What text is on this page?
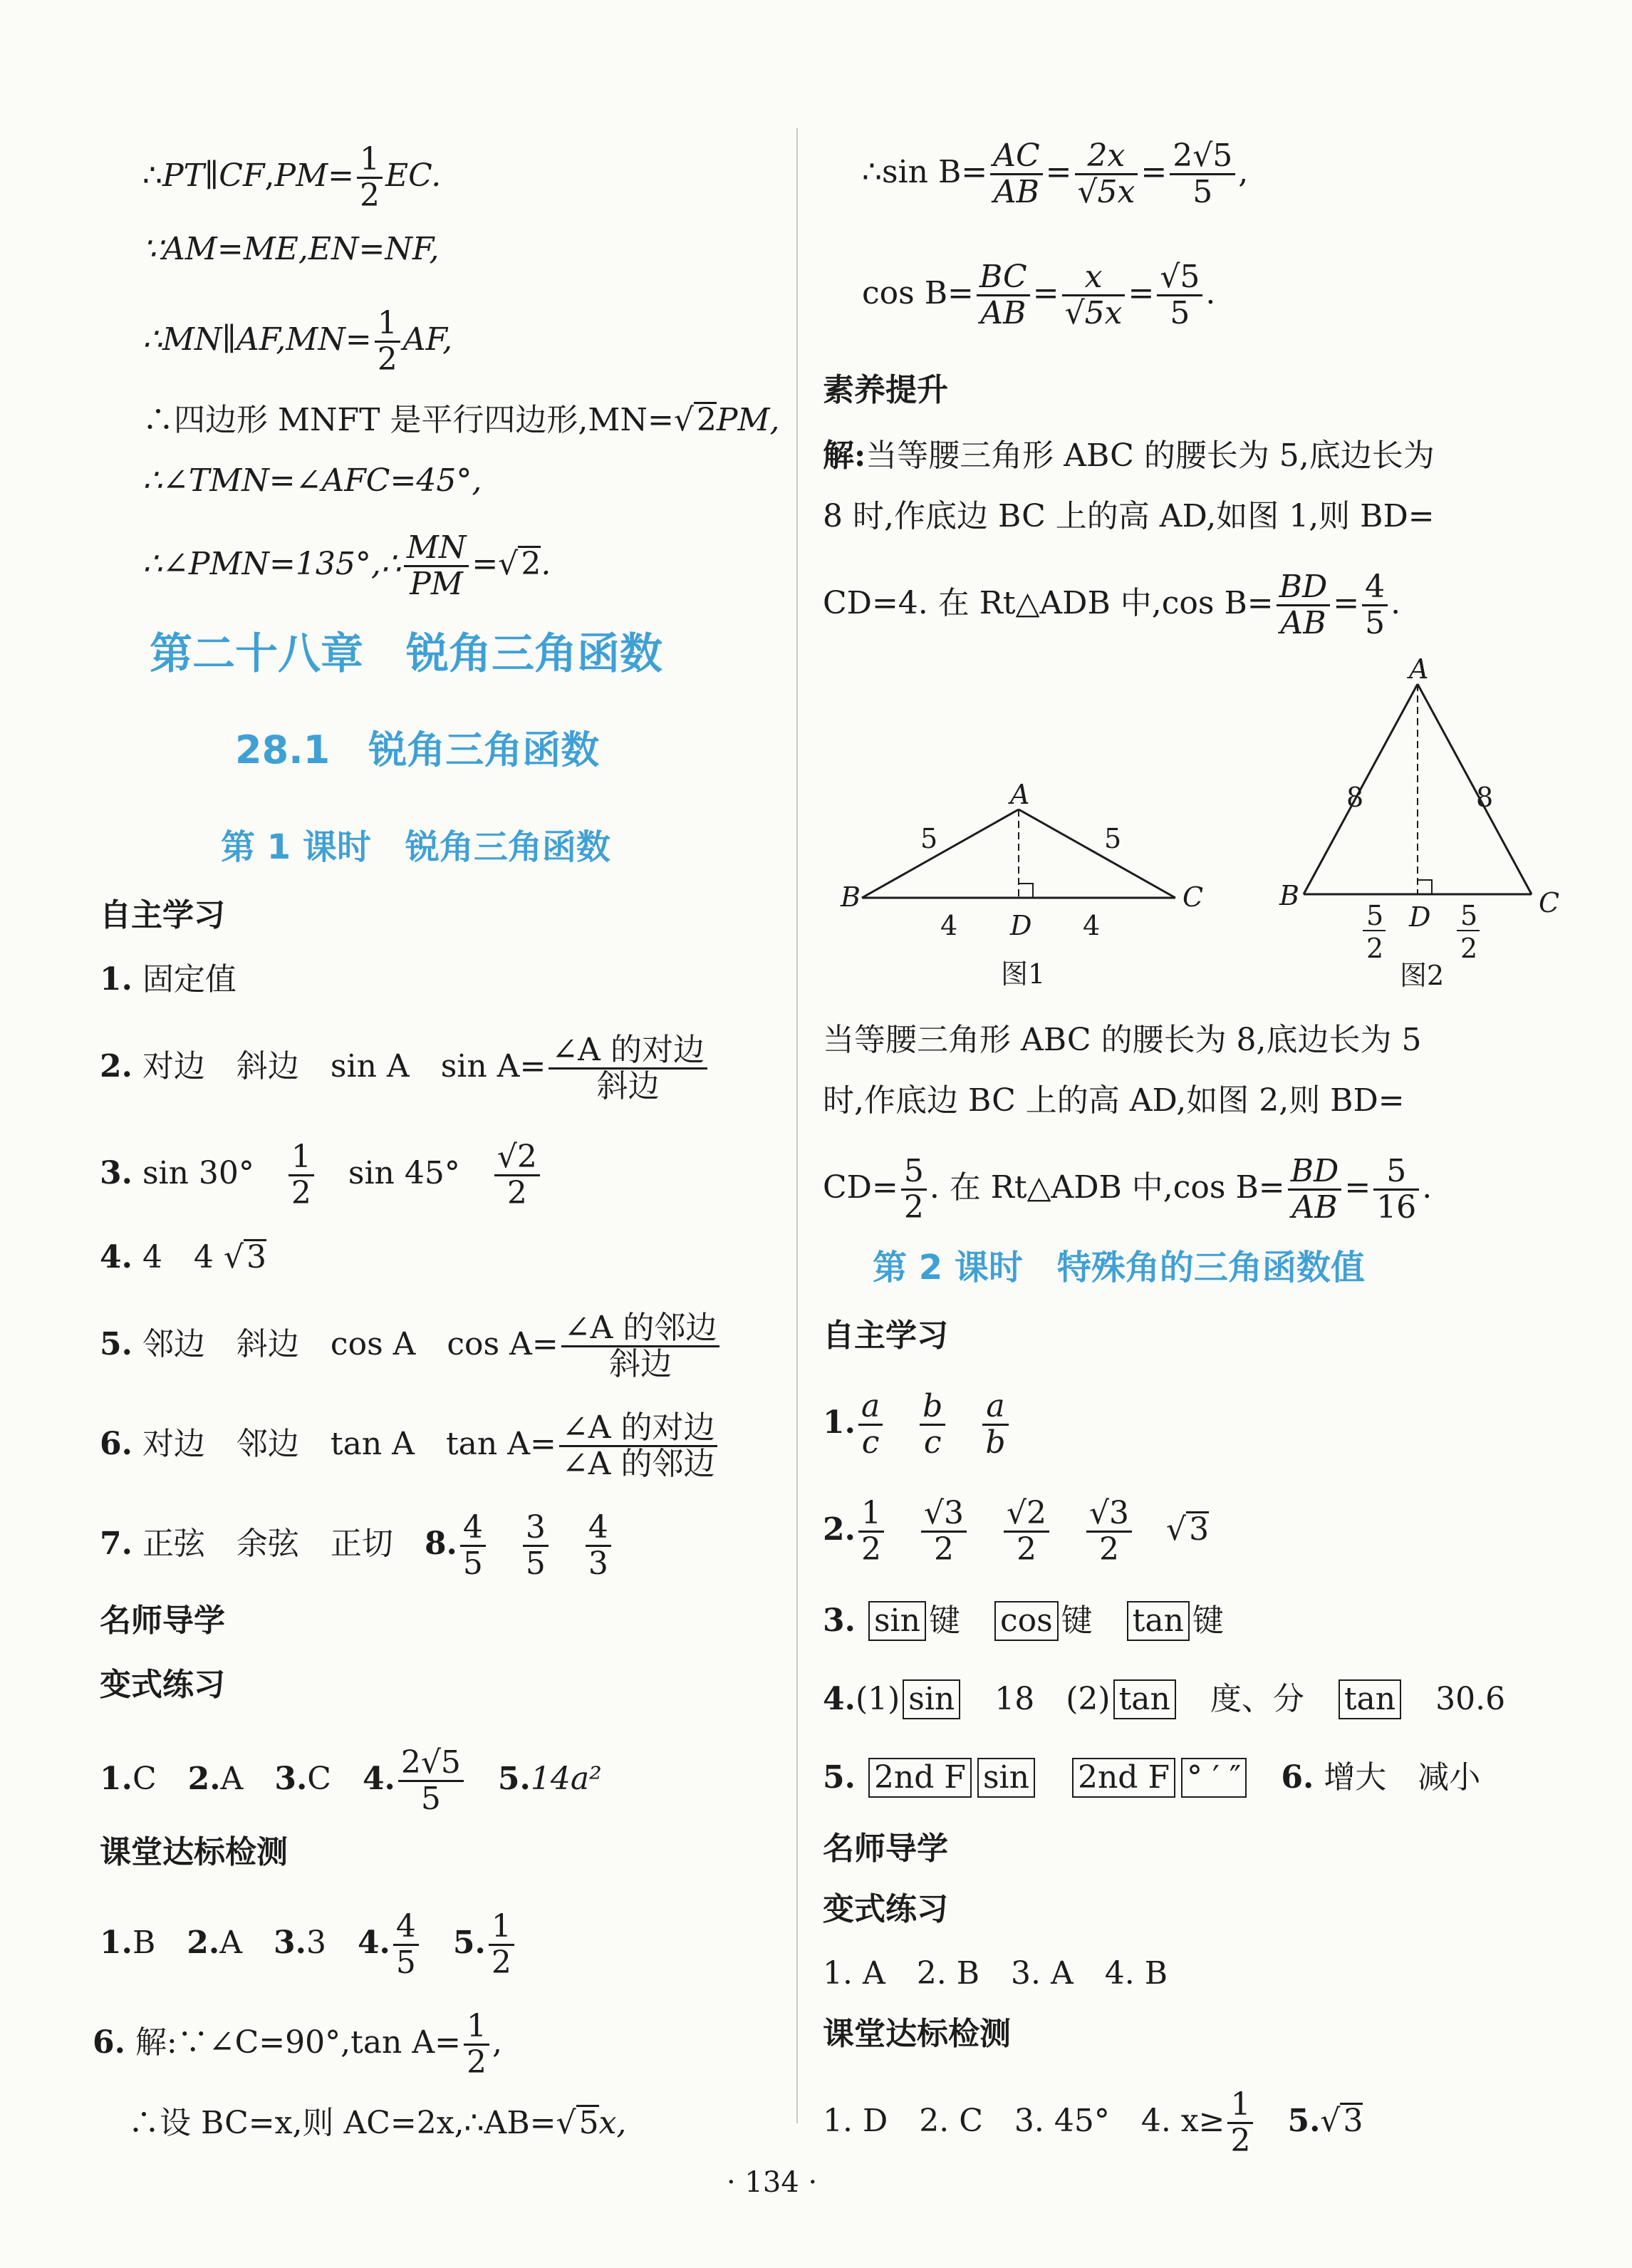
∴PT∥CF,PM= $\frac{1}{2}$ EC.
∵AM=ME,EN=NF,
∴MN∥AF,MN= $\frac{1}{2}$ AF,
∴四边形 MNFT 是平行四边形,MN= √ 2PM,
∴∠TMN=∠AFC=45°,
∴∠PMN=135°,∴ $\frac{MN}{PM}$ = √ 2.
第二十八章　锐角三角函数
28.1　锐角三角函数
第 1 课时　锐角三角函数
自主学习
1. 固定值
2. 对边　斜边　sin A　sin A= ∠A 的对边
斜边
3. sin 30°　 $\frac{1}{2}$
　 sin 45°　 $\frac{√2}{2}$
4. 4　4 √ 3
5. 邻边　斜边　cos A　cos A= ∠A 的邻边
斜边
6. 对边　邻边　tan A　tan A= ∠A 的对边
∠A 的邻边
7. 正弦　余弦　正切　 8. $\frac{4}{5}$
　 $\frac{3}{5}$
　 $\frac{4}{3}$
名师导学
变式练习
1.C　 2.A　 3.C　 4. $\frac{2√5}{5}$
　 5.14a²
课堂达标检测
1.B　 2.A　 3.3　 4. $\frac{4}{5}$
　 5. $\frac{1}{2}$
6. 解:∵∠C=90°,tan $A= \frac{1}{2}$ ,
∴设 BC=x,则 AC=2x,∴AB= √ 5x,
∴sin $B= \frac{AC}{AB} = \frac{2x}{√5x} = \frac{2√5}{5}$ ,
$\cos B= \frac{BC}{AB} = \frac{x}{√5x} = \frac{√5}{5}$ .
素养提升
解:当等腰三角形 ABC 的腰长为 5,底边长为
8 时,作底边 BC 上的高 AD,如图 1,则 BD=
CD=4. 在 Rt△ADB 中,cos $B= \frac{BD}{AB} = \frac{4}{5}$ .
A
B	C
D
5	5
4	4
图1
A
B	C
D
8	8
5
2
5
2
图2
当等腰三角形 ABC 的腰长为 8,底边长为 5
时,作底边 BC 上的高 AD,如图 2,则 BD=
$CD= \frac{5}{2}$ . 在 Rt△ADB 中,cos $B= \frac{BD}{AB} = \frac{5}{16}$ .
第 2 课时　特殊角的三角函数值
自主学习
1. $\frac{a}{c}$
　 $\frac{b}{c}$
　 $\frac{a}{b}$
2. $\frac{1}{2}$
　 $\frac{√3}{2}$
　 $\frac{√2}{2}$
　 $\frac{√3}{2}$
　 √ 3
3. sin 键　 cos 键　 tan 键
4.(1) sin　 18　(2) tan　 度、分　 tan　 30.6
5. 2nd F sin　 2nd F ° ′ ″　 6. 增大　减小
名师导学
变式练习
1. A　2. B　3. A　4. B
课堂达标检测
1. D　2. C　3. 45°　4. $x\ge \frac{1}{2}$
　 5. √ 3
· 134 ·
